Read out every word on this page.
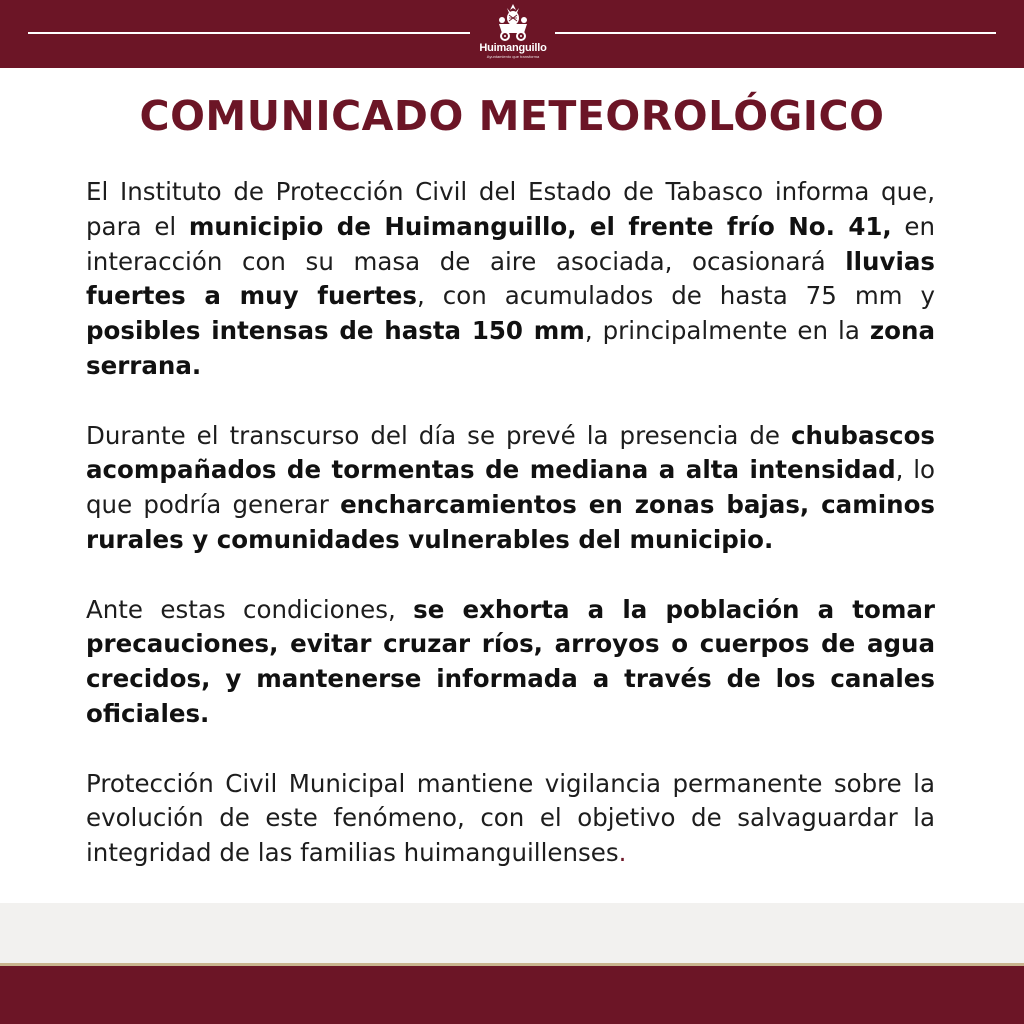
Huimanguillo
Ayuntamiento que transforma
COMUNICADO METEOROLÓGICO

El Instituto de Protección Civil del Estado de Tabasco informa que, para el municipio de Huimanguillo, el frente frío No. 41, en interacción con su masa de aire asociada, ocasionará lluvias fuertes a muy fuertes, con acumulados de hasta 75 mm y posibles intensas de hasta 150 mm, principalmente en la zona serrana.

Durante el transcurso del día se prevé la presencia de chubascos acompañados de tormentas de mediana a alta intensidad, lo que podría generar encharcamientos en zonas bajas, caminos rurales y comunidades vulnerables del municipio.

Ante estas condiciones, se exhorta a la población a tomar precauciones, evitar cruzar ríos, arroyos o cuerpos de agua crecidos, y mantenerse informada a través de los canales oficiales.

Protección Civil Municipal mantiene vigilancia permanente sobre la evolución de este fenómeno, con el objetivo de salvaguardar la integridad de las familias huimanguillenses.
